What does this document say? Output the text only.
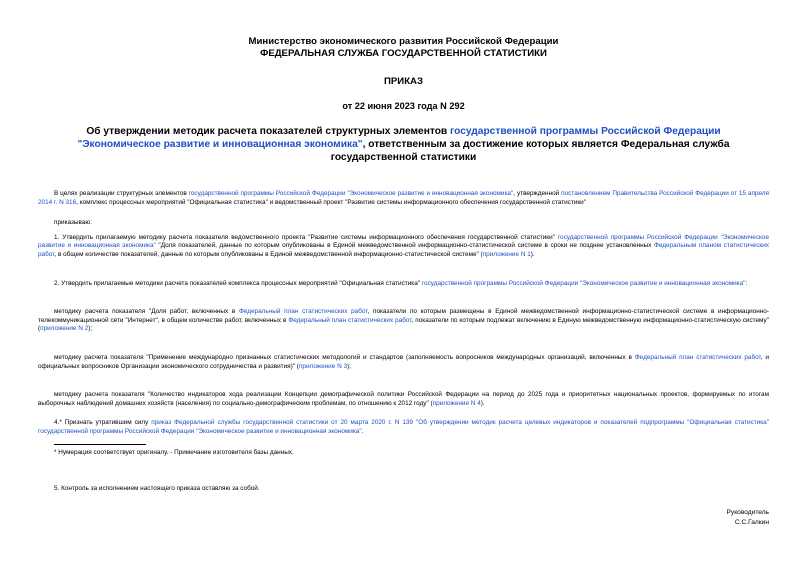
Министерство экономического развития Российской Федерации
ФЕДЕРАЛЬНАЯ СЛУЖБА ГОСУДАРСТВЕННОЙ СТАТИСТИКИ
ПРИКАЗ
от 22 июня 2023 года N 292
Об утверждении методик расчета показателей структурных элементов государственной программы Российской Федерации "Экономическое развитие и инновационная экономика", ответственным за достижение которых является Федеральная служба государственной статистики

В целях реализации структурных элементов государственной программы Российской Федерации "Экономическое развитие и инновационная экономика", утвержденной постановлением Правительства Российской Федерации от 15 апреля 2014 г. N 316, комплекс процессных мероприятий "Официальная статистика" и ведомственный проект "Развитие системы информационного обеспечения государственной статистики"

приказываю:

1. Утвердить прилагаемую методику расчета показателя ведомственного проекта "Развитие системы информационного обеспечения государственной статистики" государственной программы Российской Федерации "Экономическое развитие и инновационная экономика" "Доля показателей, данные по которым опубликованы в Единой межведомственной информационно-статистической системе в сроки не позднее установленных Федеральным планом статистических работ, в общем количестве показателей, данные по которым опубликованы в Единой межведомственной информационно-статистической системе" (приложение N 1).

2. Утвердить прилагаемые методики расчета показателей комплекса процессных мероприятий "Официальная статистика" государственной программы Российской Федерации "Экономическое развитие и инновационная экономика":

методику расчета показателя "Доля работ, включенных в Федеральный план статистических работ, показатели по которым размещены в Единой межведомственной информационно-статистической системе в информационно-телекоммуникационной сети "Интернет", в общем количестве работ, включенных в Федеральный план статистических работ, показатели по которым подлежат включению в Единую межведомственную информационно-статистическую систему" (приложение N 2);

методику расчета показателя "Применение международно признанных статистических методологий и стандартов (заполняемость вопросников международных организаций, включенных в Федеральный план статистических работ, и официальных вопросников Организации экономического сотрудничества и развития)" (приложение N 3);

методику расчета показателя "Количество индикаторов хода реализации Концепции демографической политики Российской Федерации на период до 2025 года и приоритетных национальных проектов, формируемых по итогам выборочных наблюдений домашних хозяйств (населения) по социально-демографическим проблемам, по отношению к 2012 году" (приложение N 4).

4.* Признать утратившим силу приказ Федеральной службы государственной статистики от 20 марта 2020 г. N 139 "Об утверждении методик расчета целевых индикаторов и показателей подпрограммы "Официальная статистика" государственной программы Российской Федерации "Экономическое развитие и инновационная экономика".

* Нумерация соответствует оригиналу. - Примечание изготовителя базы данных.

5. Контроль за исполнением настоящего приказа оставляю за собой.

Руководитель
С.С.Галкин
